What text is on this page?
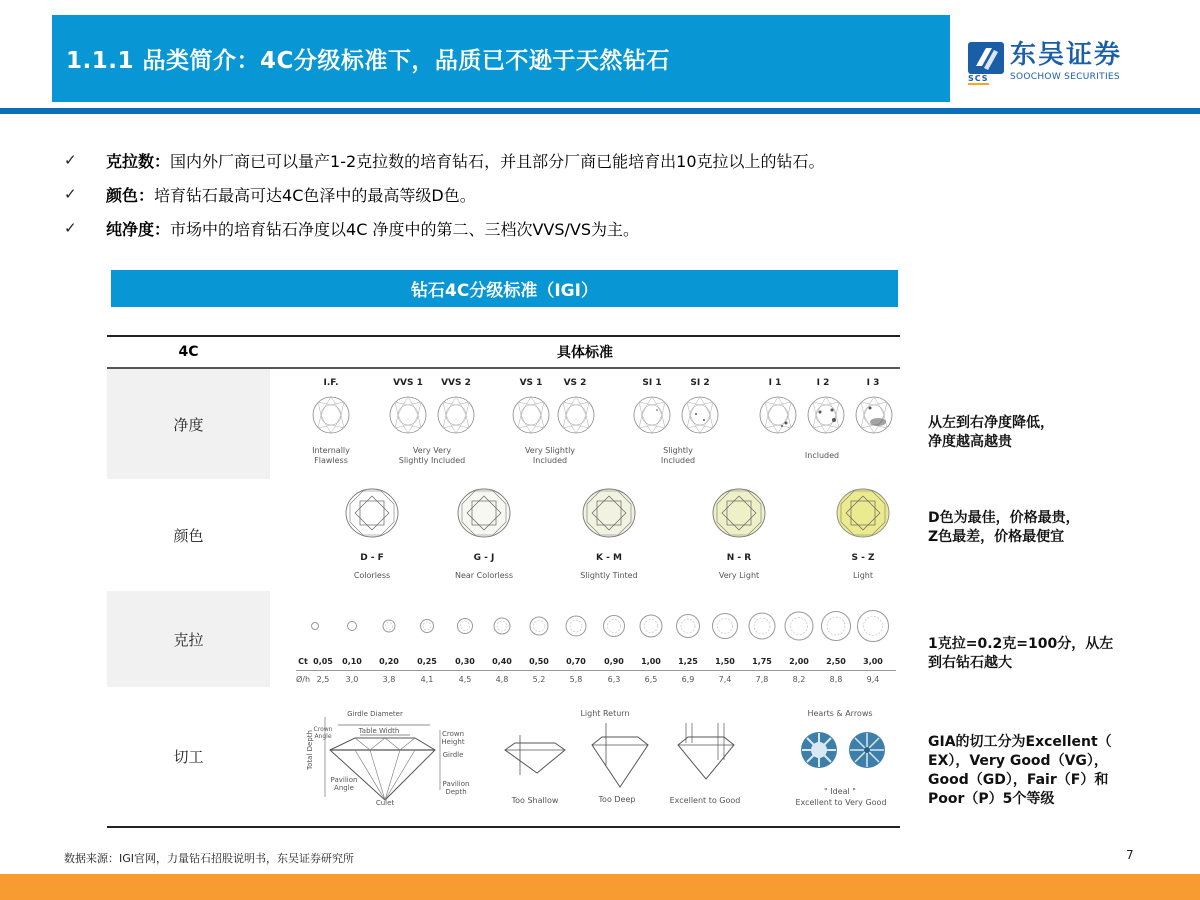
1.1.1 品类简介：4C分级标准下，品质已不逊于天然钻石
SCS
东吴证券
SOOCHOW SECURITIES
✓	克拉数： 国内外厂商已可以量产1-2克拉数的培育钻石，并且部分厂商已能培育出10克拉以上的钻石。
✓	颜色： 培育钻石最高可达4C色泽中的最高等级D色。
✓	纯净度： 市场中的培育钻石净度以4C 净度中的第二、三档次VVS/VS为主。
钻石4C分级标准（IGI）
4C	具体标准
净度
颜色
克拉
切工
I.F.	VVS 1	VVS 2	VS 1	VS 2	SI 1	SI 2	I 1	I 2	I 3
Internally
Flawless
Very Very
Slightly Included
Very Slightly
Included
Slightly
Included
Included
从左到右净度降低，
净度越高越贵
D - F
Colorless
G - J
Near Colorless
K - M
Slightly Tinted
N - R
Very Light
S - Z
Light
D色为最佳，价格最贵，
Z色最差，价格最便宜
Ct 0,05	0,10	0,20	0,25	0,30	0,40	0,50	0,70	0,90	1,00	1,25	1,50	1,75	2,00	2,50	3,00
Ø/h 2,5	3,0	3,8	4,1	4,5	4,8	5,2	5,8	6,3	6,5	6,9	7,4	7,8	8,2	8,8	9,4
1克拉=0.2克=100分，从左
到右钻石越大
Girdle Diameter
Table Width
Crown Angle	Crown Height
Girdle
Total Depth
Pavilion Angle	Pavilion Depth
Culet
Light Return
Too Shallow	Too Deep	Excellent to Good
Hearts & Arrows
" Ideal "
Excellent to Very Good
GIA的切工分为Excellent（
EX），Very Good（VG），
Good（GD），Fair（F）和
Poor（P）5个等级
数据来源：IGI官网，力量钻石招股说明书，东吴证券研究所	7
